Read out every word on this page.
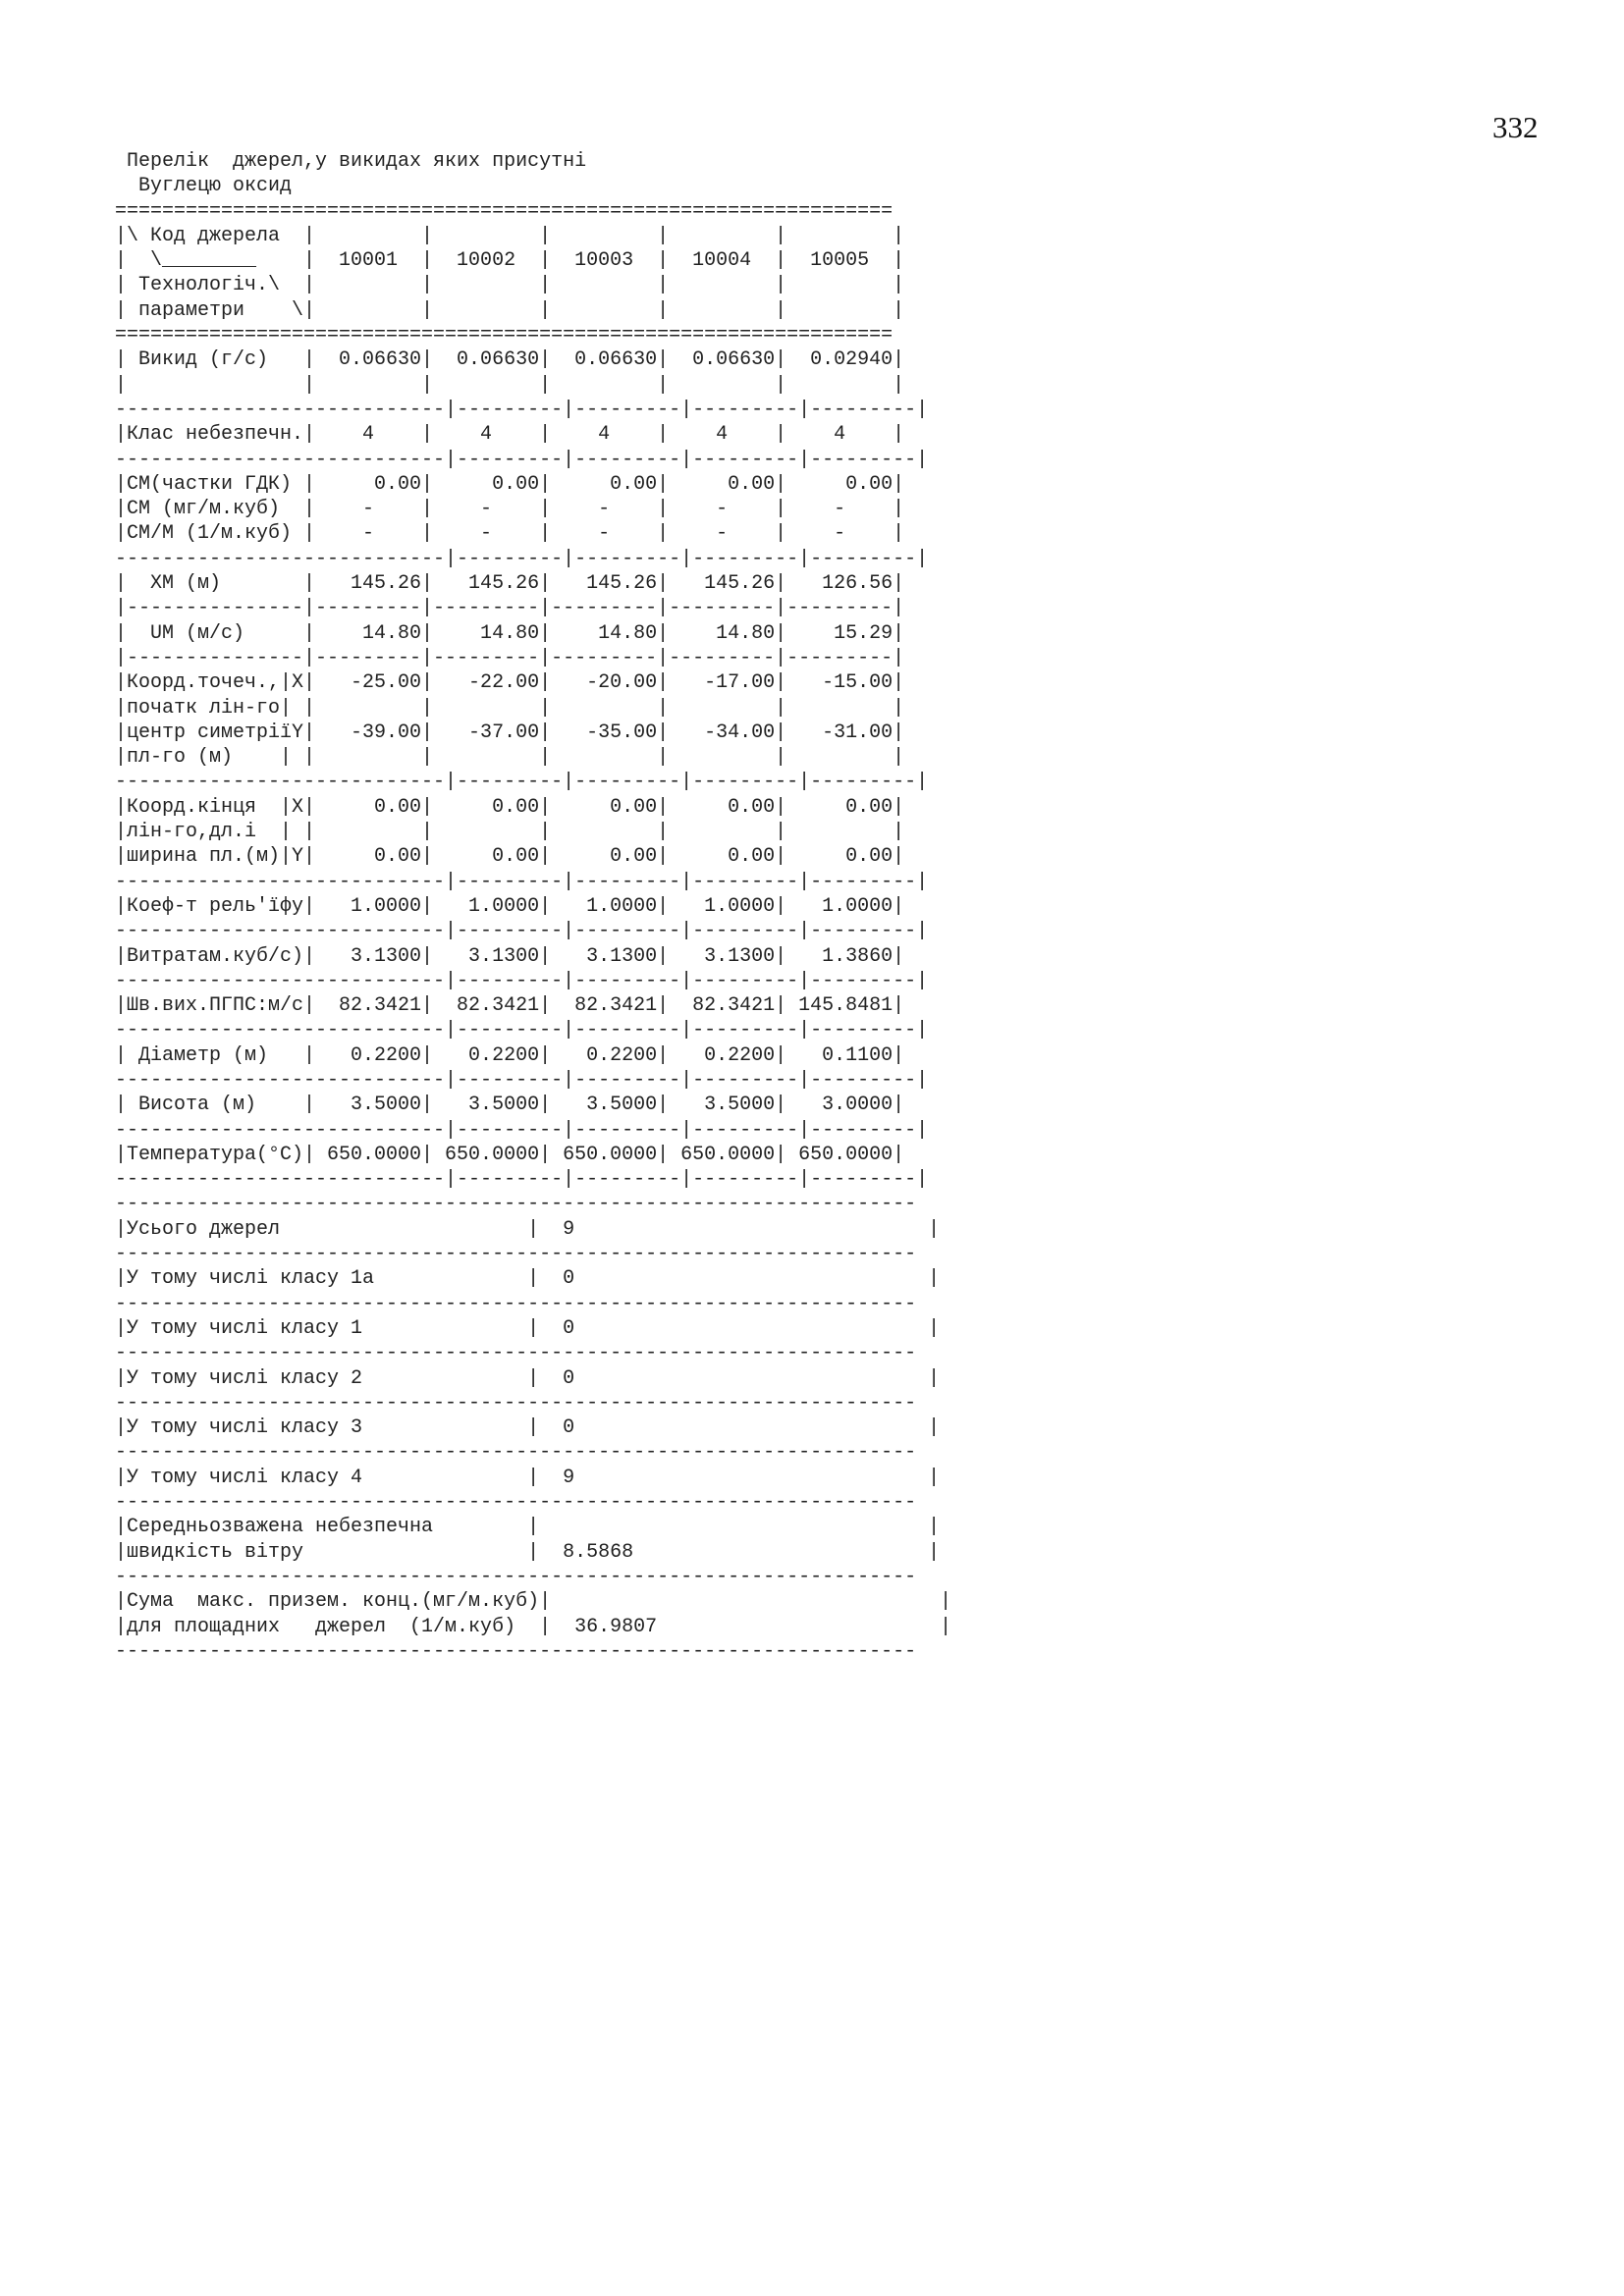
332
Перелік  джерел,у викидах яких присутні
Вуглецю оксид
==================================================================
|\ Код джерела  |         |         |         |         |         |
|  \________    |  10001  |  10002  |  10003  |  10004  |  10005  |
| Технологіч.\  |         |         |         |         |         |
| параметри    \|         |         |         |         |         |
==================================================================
| Викид (г/с)   |  0.06630|  0.06630|  0.06630|  0.06630|  0.02940|
|               |         |         |         |         |         |
----------------------------|---------|---------|---------|---------|
|Клас небезпечн.|    4    |    4    |    4    |    4    |    4    |
----------------------------|---------|---------|---------|---------|
|СМ(частки ГДК) |     0.00|     0.00|     0.00|     0.00|     0.00|
|СМ (мг/м.куб)  |    -    |    -    |    -    |    -    |    -    |
|СМ/М (1/м.куб) |    -    |    -    |    -    |    -    |    -    |
----------------------------|---------|---------|---------|---------|
|  ХМ (м)       |   145.26|   145.26|   145.26|   145.26|   126.56|
|---------------|---------|---------|---------|---------|---------|
|  UM (м/с)     |    14.80|    14.80|    14.80|    14.80|    15.29|
|---------------|---------|---------|---------|---------|---------|
|Коорд.точеч.,|X|   -25.00|   -22.00|   -20.00|   -17.00|   -15.00|
|початк лін-го| |         |         |         |         |         |
|центр симетріїY|   -39.00|   -37.00|   -35.00|   -34.00|   -31.00|
|пл-го (м)    | |         |         |         |         |         |
----------------------------|---------|---------|---------|---------|
|Коорд.кінця  |X|     0.00|     0.00|     0.00|     0.00|     0.00|
|лін-го,дл.і  | |         |         |         |         |         |
|ширина пл.(м)|Y|     0.00|     0.00|     0.00|     0.00|     0.00|
----------------------------|---------|---------|---------|---------|
|Коеф-т рель'їфу|   1.0000|   1.0000|   1.0000|   1.0000|   1.0000|
----------------------------|---------|---------|---------|---------|
|Витратам.куб/с)|   3.1300|   3.1300|   3.1300|   3.1300|   1.3860|
----------------------------|---------|---------|---------|---------|
|Шв.вих.ПГПС:м/с|  82.3421|  82.3421|  82.3421|  82.3421| 145.8481|
----------------------------|---------|---------|---------|---------|
| Діаметр (м)   |   0.2200|   0.2200|   0.2200|   0.2200|   0.1100|
----------------------------|---------|---------|---------|---------|
| Висота (м)    |   3.5000|   3.5000|   3.5000|   3.5000|   3.0000|
----------------------------|---------|---------|---------|---------|
|Температура(°С)| 650.0000| 650.0000| 650.0000| 650.0000| 650.0000|
----------------------------|---------|---------|---------|---------|
--------------------------------------------------------------------
|Усього джерел                     |  9                              |
--------------------------------------------------------------------
|У тому числі класу 1а             |  0                              |
--------------------------------------------------------------------
|У тому числі класу 1              |  0                              |
--------------------------------------------------------------------
|У тому числі класу 2              |  0                              |
--------------------------------------------------------------------
|У тому числі класу 3              |  0                              |
--------------------------------------------------------------------
|У тому числі класу 4              |  9                              |
--------------------------------------------------------------------
|Середньозважена небезпечна        |                                 |
|швидкість вітру                   |  8.5868                         |
--------------------------------------------------------------------
|Сума  макс. призем. конц.(мг/м.куб)|                                 |
|для площадних   джерел  (1/м.куб)  |  36.9807                        |
--------------------------------------------------------------------
